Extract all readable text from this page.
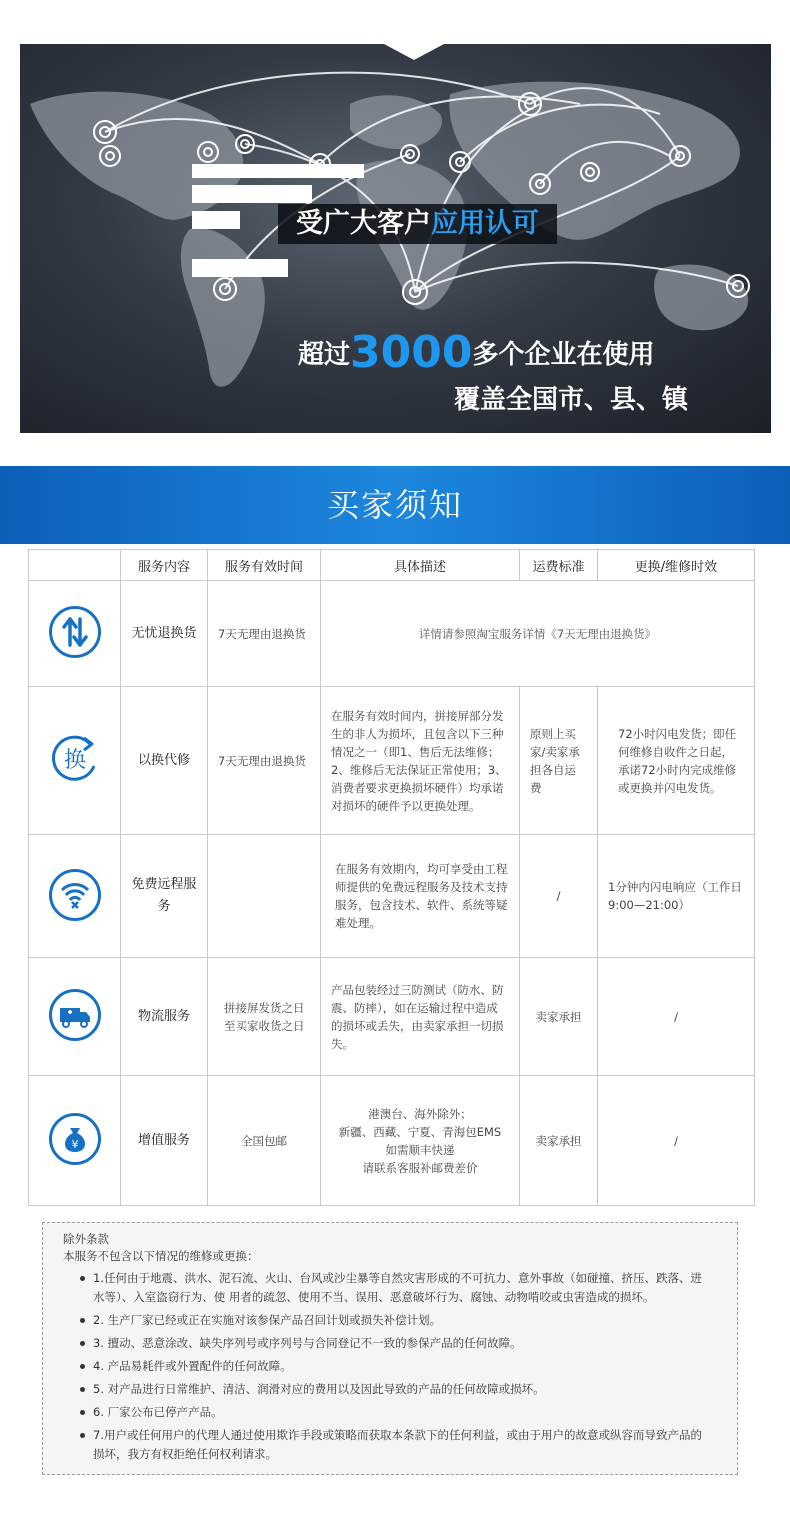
受广大客户应用认可
超过3000多个企业在使用
覆盖全国市、县、镇
买家须知
	服务内容	服务有效时间	具体描述	运费标准	更换/维修时效

	无忧退换货	7天无理由退换货	详情请参照淘宝服务详情《7天无理由退换货》		

换	以换代修	7天无理由退换货	在服务有效时间内，拼接屏部分发生的非人为损坏，且包含以下三种情况之一（即1、售后无法维修；2、维修后无法保证正常使用；3、消费者要求更换损坏硬件）均承诺对损坏的硬件予以更换处理。	原则上买家/卖家承担各自运费	72小时闪电发货；即任何维修自收件之日起，承诺72小时内完成维修或更换并闪电发货。

	免费远程服务		在服务有效期内，均可享受由工程师提供的免费远程服务及技术支持服务，包含技术、软件、系统等疑难处理。	/	1分钟内闪电响应（工作日9:00—21:00）

	物流服务	拼接屏发货之日至买家收货之日	产品包装经过三防测试（防水、防震、防摔），如在运输过程中造成的损坏或丢失，由卖家承担一切损失。	卖家承担	/

¥	增值服务	全国包邮	港澳台、海外除外；
新疆、西藏、宁夏、青海包EMS
如需顺丰快递
请联系客服补邮费差价	卖家承担	/
除外条款
本服务不包含以下情况的维修或更换：
1.任何由于地震、洪水、泥石流、火山、台风或沙尘暴等自然灾害形成的不可抗力、意外事故（如碰撞、挤压、跌落、进水等）、入室盗窃行为、使 用者的疏忽、使用不当、误用、恶意破坏行为、腐蚀、动物啃咬或虫害造成的损坏。
2. 生产厂家已经或正在实施对该参保产品召回计划或损失补偿计划。
3. 擅动、恶意涂改、缺失序列号或序列号与合同登记不一致的参保产品的任何故障。
4. 产品易耗件或外置配件的任何故障。
5. 对产品进行日常维护、清洁、润滑对应的费用以及因此导致的产品的任何故障或损坏。
6. 厂家公布已停产产品。
7.用户或任何用户的代理人通过使用欺诈手段或策略而获取本条款下的任何利益，或由于用户的故意或纵容而导致产品的损坏，我方有权拒绝任何权利请求。
